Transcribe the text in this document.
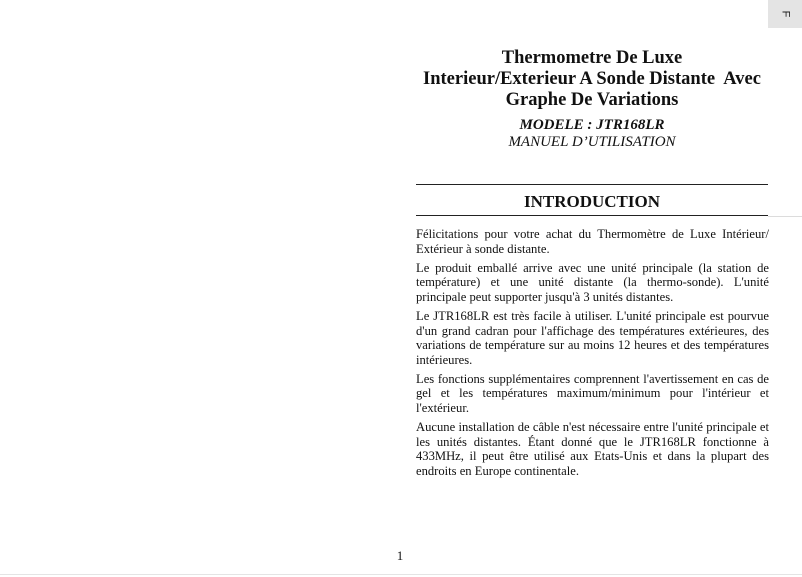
F
Thermometre De Luxe
Interieur/Exterieur A Sonde Distante  Avec
Graphe De Variations
MODELE : JTR168LR
MANUEL D’UTILISATION
INTRODUCTION

Félicitations pour votre achat du Thermomètre de Luxe Intérieur/ Extérieur à sonde distante.

Le produit emballé arrive avec une unité principale (la station de température) et une unité distante (la thermo-sonde). L'unité principale peut supporter jusqu'à 3 unités distantes.

Le JTR168LR est très facile à utiliser. L'unité principale est pourvue d'un grand cadran pour l'affichage des températures extérieures, des variations de température sur au moins 12 heures et des températures intérieures.

Les fonctions supplémentaires comprennent l'avertissement en cas de gel et les températures maximum/minimum pour l'intérieur et l'extérieur.

Aucune installation de câble n'est nécessaire entre l'unité principale et les unités distantes. Étant donné que le JTR168LR fonctionne à 433MHz, il peut être utilisé aux Etats-Unis et dans la plupart des endroits en Europe continentale.

1
